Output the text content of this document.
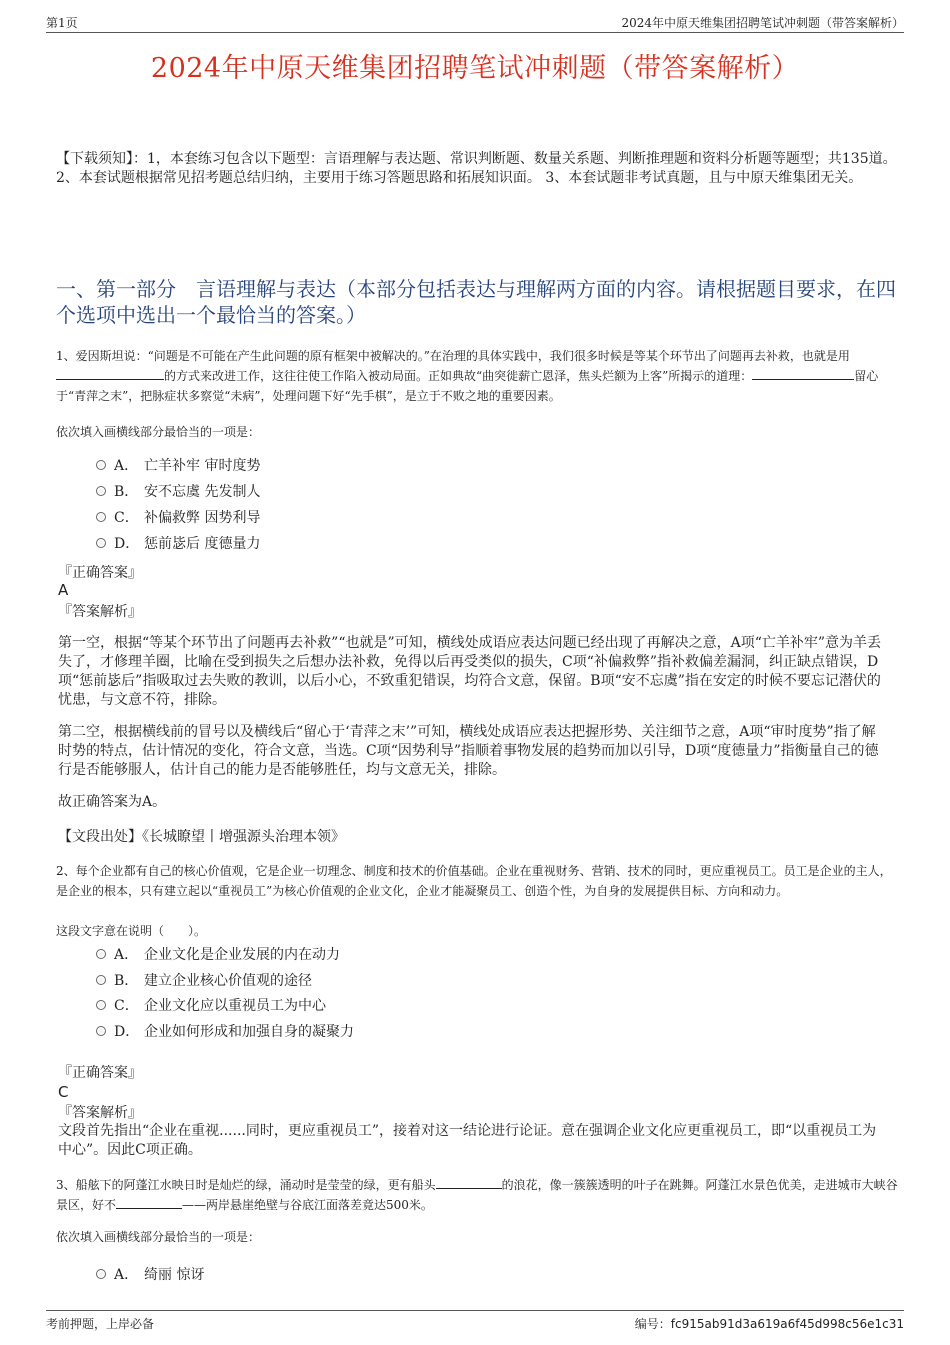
第1页	2024年中原天维集团招聘笔试冲刺题（带答案解析）
2024年中原天维集团招聘笔试冲刺题（带答案解析）
【下载须知】：1，本套练习包含以下题型：言语理解与表达题、常识判断题、数量关系题、判断推理题和资料分析题等题型；共135道。 2、本套试题根据常见招考题总结归纳，主要用于练习答题思路和拓展知识面。 3、本套试题非考试真题，且与中原天维集团无关。
一、第一部分　言语理解与表达（本部分包括表达与理解两方面的内容。请根据题目要求，在四个选项中选出一个最恰当的答案。）
1、爱因斯坦说：“问题是不可能在产生此问题的原有框架中被解决的。”在治理的具体实践中，我们很多时候是等某个环节出了问题再去补救，也就是用的方式来改进工作，这往往使工作陷入被动局面。正如典故“曲突徙薪亡恩泽，焦头烂额为上客”所揭示的道理：	留心于“青萍之末”，把脉症状多察觉“未病”，处理问题下好“先手棋”，是立于不败之地的重要因素。
依次填入画横线部分最恰当的一项是：
A． 亡羊补牢 审时度势
B． 安不忘虞 先发制人
C． 补偏救弊 因势利导
D． 惩前毖后 度德量力
『正确答案』
A
『答案解析』
第一空，根据“等某个环节出了问题再去补救”“也就是”可知，横线处成语应表达问题已经出现了再解决之意，A项“亡羊补牢”意为羊丢失了，才修理羊圈，比喻在受到损失之后想办法补救，免得以后再受类似的损失，C项“补偏救弊”指补救偏差漏洞，纠正缺点错误，D项“惩前毖后”指吸取过去失败的教训，以后小心，不致重犯错误，均符合文意，保留。B项“安不忘虞”指在安定的时候不要忘记潜伏的忧患，与文意不符，排除。
第二空，根据横线前的冒号以及横线后“留心于‘青萍之末’”可知，横线处成语应表达把握形势、关注细节之意，A项“审时度势”指了解时势的特点，估计情况的变化，符合文意，当选。C项“因势利导”指顺着事物发展的趋势而加以引导，D项“度德量力”指衡量自己的德行是否能够服人，估计自己的能力是否能够胜任，均与文意无关，排除。
故正确答案为A。
【文段出处】《长城瞭望丨增强源头治理本领》
2、每个企业都有自己的核心价值观，它是企业一切理念、制度和技术的价值基础。企业在重视财务、营销、技术的同时，更应重视员工。员工是企业的主人，是企业的根本，只有建立起以“重视员工”为核心价值观的企业文化，企业才能凝聚员工、创造个性，为自身的发展提供目标、方向和动力。
这段文字意在说明（　　）。
A． 企业文化是企业发展的内在动力
B． 建立企业核心价值观的途径
C． 企业文化应以重视员工为中心
D． 企业如何形成和加强自身的凝聚力
『正确答案』
C
『答案解析』
文段首先指出“企业在重视......同时，更应重视员工”，接着对这一结论进行论证。意在强调企业文化应更重视员工，即“以重视员工为中心”。因此C项正确。
3、船舷下的阿蓬江水映日时是灿烂的绿，涌动时是莹莹的绿，更有船头	的浪花，像一簇簇透明的叶子在跳舞。阿蓬江水景色优美，走进城市大峡谷景区，好不	——两岸悬崖绝壁与谷底江面落差竟达500米。
依次填入画横线部分最恰当的一项是：
A． 绮丽 惊讶
考前押题，上岸必备	编号：fc915ab91d3a619a6f45d998c56e1c31
